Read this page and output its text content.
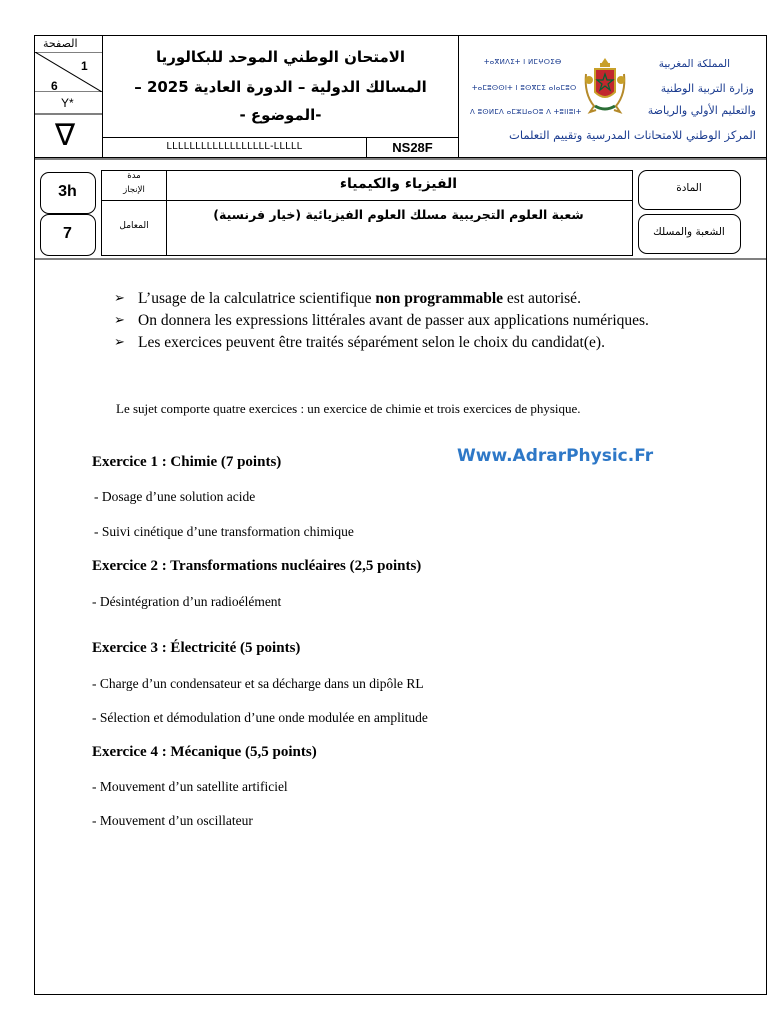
الصفحة
1
6
Y*
∇
الامتحان الوطني الموحد للبكالوريا
المسالك الدولية – الدورة العادية 2025 –
-الموضوع -
LLLLLLLLLLLLLLLLLL-LLLLL	NS28F
ⵜⴰⴳⵍⴷⵉⵜ ⵏ ⵍⵎⵖⵔⵉⴱ
ⵜⴰⵎⵓⵙⵙⵏⵜ ⵏ ⵓⵙⴳⵎⵉ ⴰⵏⴰⵎⵓⵔ
ⴷ ⵓⵙⵍⵎⴷ ⴰⵎⵣⵡⴰⵔⵓ ⴷ ⵜⵓⵏⵏⵓⵏⵜ
المملكة المغربية
وزارة التربية الوطنية
والتعليم الأولي والرياضة
المركز الوطني للامتحانات المدرسية وتقييم التعلمات
3h
مدة
الإنجاز
7	المعامل
الفيزياء والكيمياء
شعبة العلوم التجريبية مسلك العلوم الفيزيائية (خيار فرنسية)
المادة
الشعبة والمسلك
➢ L’usage de la calculatrice scientifique non programmable est autorisé.
➢ On donnera les expressions littérales avant de passer aux applications numériques.
➢ Les exercices peuvent être traités séparément selon le choix du candidat(e).
Le sujet comporte quatre exercices : un exercice de chimie et trois exercices de physique.
Www.AdrarPhysic.Fr
Exercice 1 : Chimie (7 points)
- Dosage d’une solution acide
- Suivi cinétique d’une transformation chimique
Exercice 2 : Transformations nucléaires (2,5 points)
- Désintégration d’un radioélément
Exercice 3 : Électricité (5 points)
- Charge d’un condensateur et sa décharge dans un dipôle RL
- Sélection et démodulation d’une onde modulée en amplitude
Exercice 4 : Mécanique (5,5 points)
- Mouvement d’un satellite artificiel
- Mouvement d’un oscillateur
